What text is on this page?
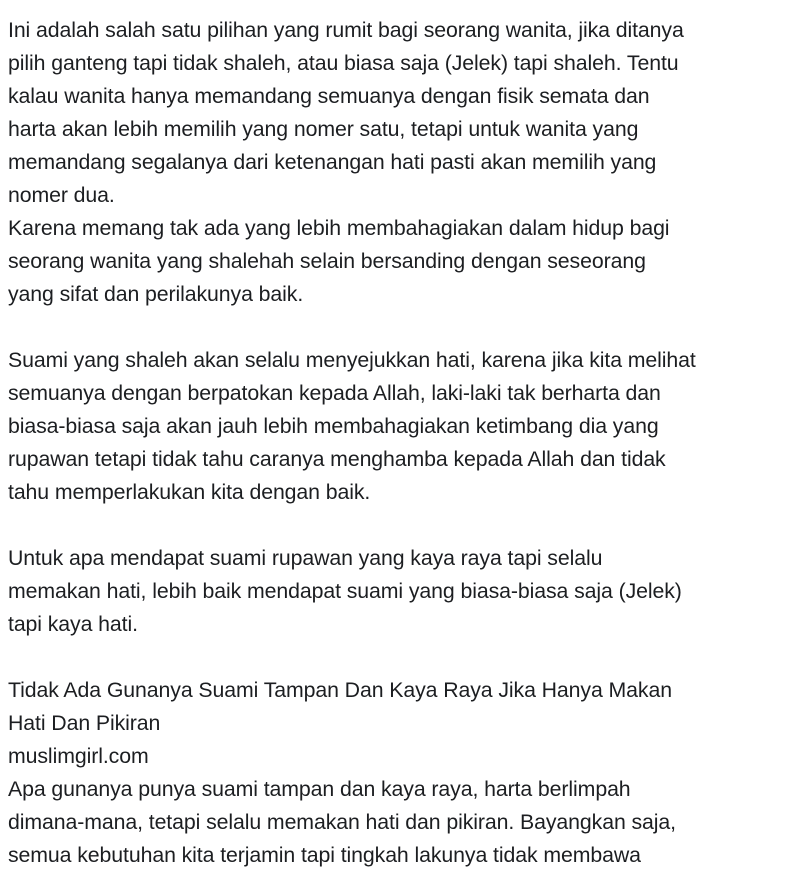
Ini adalah salah satu pilihan yang rumit bagi seorang wanita, jika ditanya
pilih ganteng tapi tidak shaleh, atau biasa saja (Jelek) tapi shaleh. Tentu
kalau wanita hanya memandang semuanya dengan fisik semata dan
harta akan lebih memilih yang nomer satu, tetapi untuk wanita yang
memandang segalanya dari ketenangan hati pasti akan memilih yang
nomer dua.

Karena memang tak ada yang lebih membahagiakan dalam hidup bagi
seorang wanita yang shalehah selain bersanding dengan seseorang
yang sifat dan perilakunya baik.

Suami yang shaleh akan selalu menyejukkan hati, karena jika kita melihat
semuanya dengan berpatokan kepada Allah, laki-laki tak berharta dan
biasa-biasa saja akan jauh lebih membahagiakan ketimbang dia yang
rupawan tetapi tidak tahu caranya menghamba kepada Allah dan tidak
tahu memperlakukan kita dengan baik.

Untuk apa mendapat suami rupawan yang kaya raya tapi selalu
memakan hati, lebih baik mendapat suami yang biasa-biasa saja (Jelek)
tapi kaya hati.

Tidak Ada Gunanya Suami Tampan Dan Kaya Raya Jika Hanya Makan
Hati Dan Pikiran

muslimgirl.com

Apa gunanya punya suami tampan dan kaya raya, harta berlimpah
dimana-mana, tetapi selalu memakan hati dan pikiran. Bayangkan saja,
semua kebutuhan kita terjamin tapi tingkah lakunya tidak membawa
